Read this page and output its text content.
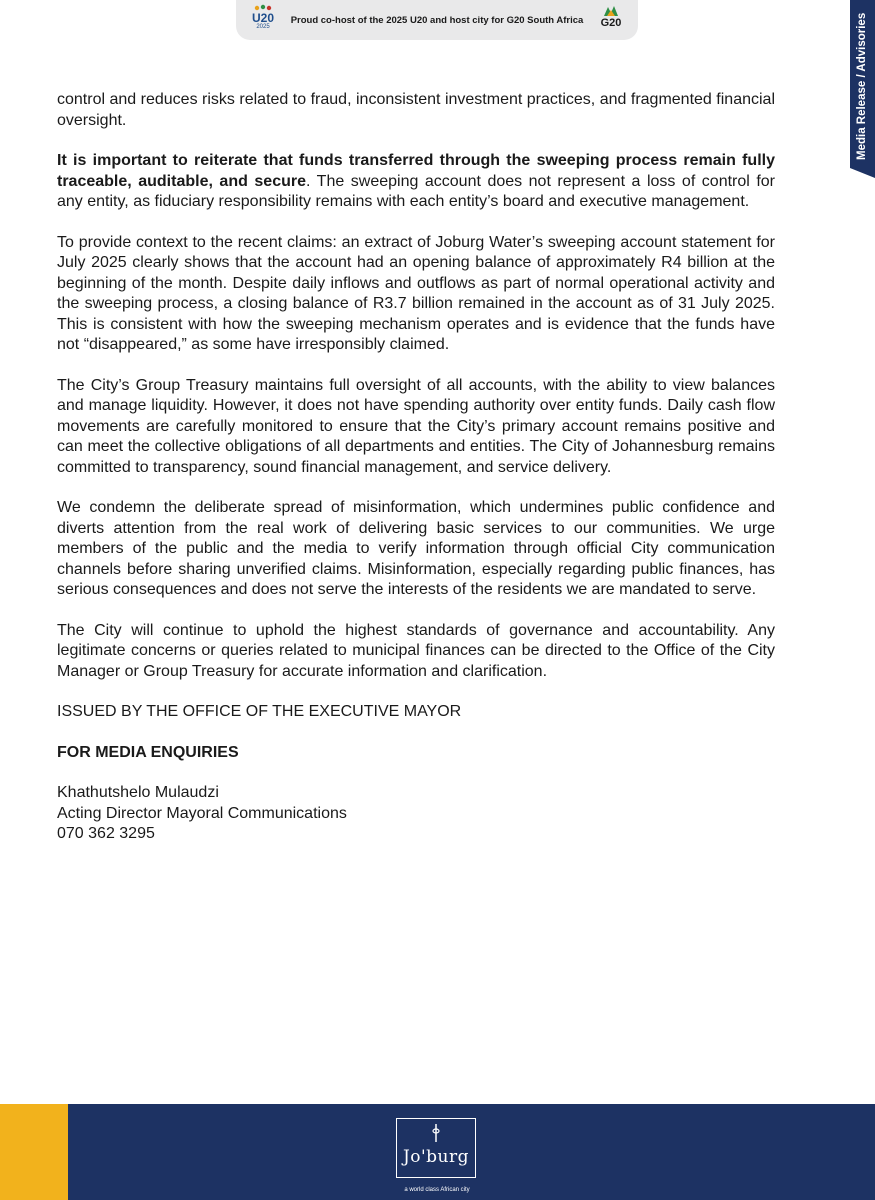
U20
2025
Proud co-host of the 2025 U20 and host city for G20 South Africa	G20	Media Release / Advisories

control and reduces risks related to fraud, inconsistent investment practices, and fragmented financial oversight.

It is important to reiterate that funds transferred through the sweeping process remain fully traceable, auditable, and secure. The sweeping account does not represent a loss of control for any entity, as fiduciary responsibility remains with each entity’s board and executive management.

To provide context to the recent claims: an extract of Joburg Water’s sweeping account statement for July 2025 clearly shows that the account had an opening balance of approximately R4 billion at the beginning of the month. Despite daily inflows and outflows as part of normal operational activity and the sweeping process, a closing balance of R3.7 billion remained in the account as of 31 July 2025. This is consistent with how the sweeping mechanism operates and is evidence that the funds have not “disappeared,” as some have irresponsibly claimed.

The City’s Group Treasury maintains full oversight of all accounts, with the ability to view balances and manage liquidity. However, it does not have spending authority over entity funds. Daily cash flow movements are carefully monitored to ensure that the City’s primary account remains positive and can meet the collective obligations of all departments and entities. The City of Johannesburg remains committed to transparency, sound financial management, and service delivery.

We condemn the deliberate spread of misinformation, which undermines public confidence and diverts attention from the real work of delivering basic services to our communities. We urge members of the public and the media to verify information through official City communication channels before sharing unverified claims. Misinformation, especially regarding public finances, has serious consequences and does not serve the interests of the residents we are mandated to serve.

The City will continue to uphold the highest standards of governance and accountability. Any legitimate concerns or queries related to municipal finances can be directed to the Office of the City Manager or Group Treasury for accurate information and clarification.

ISSUED BY THE OFFICE OF THE EXECUTIVE MAYOR

FOR MEDIA ENQUIRIES

Khathutshelo Mulaudzi

Acting Director Mayoral Communications

070 362 3295

Jo'burg
a world class African city
